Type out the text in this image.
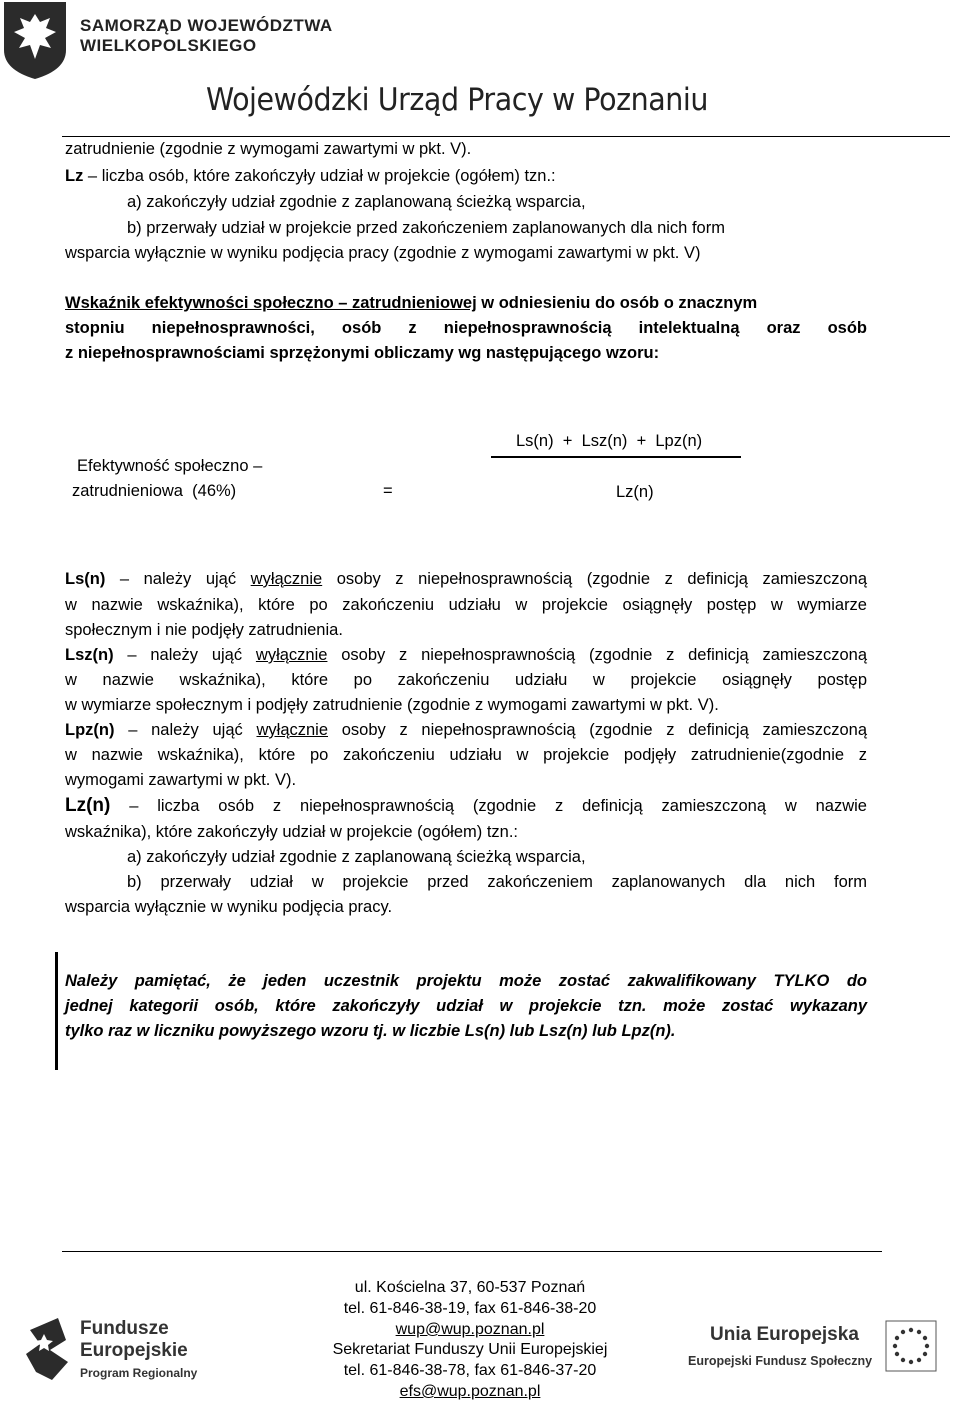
SAMORZĄD WOJEWÓDZTWA
WIELKOPOLSKIEGO
Wojewódzki Urząd Pracy w Poznaniu
zatrudnienie (zgodnie z wymogami zawartymi w pkt. V).
Lz – liczba osób, które zakończyły udział w projekcie (ogółem) tzn.:
a) zakończyły udział zgodnie z zaplanowaną ścieżką wsparcia,
b) przerwały udział w projekcie przed zakończeniem zaplanowanych dla nich form
wsparcia wyłącznie w wyniku podjęcia pracy (zgodnie z wymogami zawartymi w pkt. V)
Wskaźnik efektywności społeczno – zatrudnieniowej w odniesieniu do osób o znacznym
stopniu niepełnosprawności, osób z niepełnosprawnością intelektualną oraz osób
z niepełnosprawnościami sprzężonymi obliczamy wg następującego wzoru:
Efektywność społeczno –
zatrudnieniowa  (46%)	=
Ls(n)  +  Lsz(n)  +  Lpz(n)
Lz(n)
Ls(n) – należy ująć wyłącznie osoby z niepełnosprawnością (zgodnie z definicją zamieszczoną
w nazwie wskaźnika), które po zakończeniu udziału w projekcie osiągnęły postęp w wymiarze
społecznym i nie podjęły zatrudnienia.
Lsz(n) – należy ująć wyłącznie osoby z niepełnosprawnością (zgodnie z definicją zamieszczoną
w nazwie wskaźnika), które po zakończeniu udziału w projekcie osiągnęły postęp
w wymiarze społecznym i podjęły zatrudnienie (zgodnie z wymogami zawartymi w pkt. V).
Lpz(n) – należy ująć wyłącznie osoby z niepełnosprawnością (zgodnie z definicją zamieszczoną
w nazwie wskaźnika), które po zakończeniu udziału w projekcie podjęły zatrudnienie(zgodnie z
wymogami zawartymi w pkt. V).
Lz(n) – liczba osób z niepełnosprawnością (zgodnie z definicją zamieszczoną w nazwie
wskaźnika), które zakończyły udział w projekcie (ogółem) tzn.:
a) zakończyły udział zgodnie z zaplanowaną ścieżką wsparcia,
b) przerwały udział w projekcie przed zakończeniem zaplanowanych dla nich form
wsparcia wyłącznie w wyniku podjęcia pracy.
Należy pamiętać, że jeden uczestnik projektu może zostać zakwalifikowany TYLKO do
jednej kategorii osób, które zakończyły udział w projekcie tzn. może zostać wykazany
tylko raz w liczniku powyższego wzoru tj. w liczbie Ls(n) lub Lsz(n) lub Lpz(n).
ul. Kościelna 37, 60-537 Poznań
tel. 61-846-38-19, fax 61-846-38-20
wup@wup.poznan.pl
Sekretariat Funduszy Unii Europejskiej
tel. 61-846-38-78, fax 61-846-37-20
efs@wup.poznan.pl
Fundusze
Europejskie
Program Regionalny
Unia Europejska
Europejski Fundusz Społeczny
